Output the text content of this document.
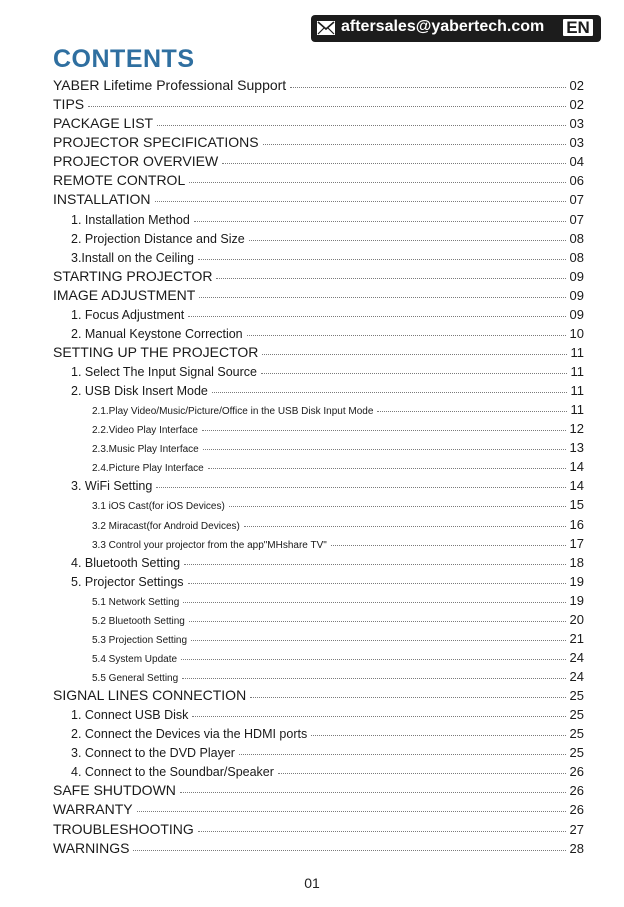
aftersales@yabertech.com	EN
CONTENTS
YABER Lifetime Professional Support	02
TIPS	02
PACKAGE LIST	03
PROJECTOR SPECIFICATIONS	03
PROJECTOR OVERVIEW	04
REMOTE CONTROL	06
INSTALLATION	07
1. Installation Method	07
2. Projection Distance and Size	08
3.Install on the Ceiling	08
STARTING PROJECTOR	09
IMAGE ADJUSTMENT	09
1. Focus Adjustment	09
2. Manual Keystone Correction	10
SETTING UP THE PROJECTOR	11
1. Select The Input Signal Source	11
2. USB Disk Insert Mode	11
2.1.Play Video/Music/Picture/Office in the USB Disk Input Mode	11
2.2.Video Play Interface	12
2.3.Music Play Interface	13
2.4.Picture Play Interface	14
3. WiFi Setting	14
3.1 iOS Cast(for iOS Devices)	15
3.2 Miracast(for Android Devices)	16
3.3 Control your projector from the app"MHshare TV"	17
4. Bluetooth Setting	18
5. Projector Settings	19
5.1 Network Setting	19
5.2 Bluetooth Setting	20
5.3 Projection Setting	21
5.4 System Update	24
5.5 General Setting	24
SIGNAL LINES CONNECTION	25
1. Connect USB Disk	25
2. Connect the Devices via the HDMI ports	25
3. Connect to the DVD Player	25
4. Connect to the Soundbar/Speaker	26
SAFE SHUTDOWN	26
WARRANTY	26
TROUBLESHOOTING	27
WARNINGS	28
01
